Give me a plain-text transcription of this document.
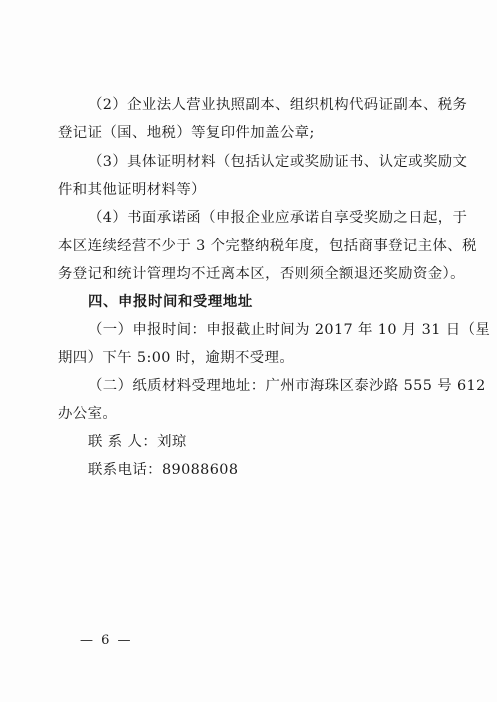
（2）企业法人营业执照副本、组织机构代码证副本、税务
登记证（国、地税）等复印件加盖公章;
（3）具体证明材料（包括认定或奖励证书、认定或奖励文
件和其他证明材料等）
（4）书面承诺函（申报企业应承诺自享受奖励之日起，于
本区连续经营不少于 3 个完整纳税年度，包括商事登记主体、税
务登记和统计管理均不迁离本区，否则须全额退还奖励资金）。
四、申报时间和受理地址
（一）申报时间：申报截止时间为 2017 年 10 月 31 日（星
期四）下午 5:00 时，逾期不受理。
（二）纸质材料受理地址：广州市海珠区泰沙路 555 号 612
办公室。
联 系 人：刘琼
联系电话：89088608
— 6 —
